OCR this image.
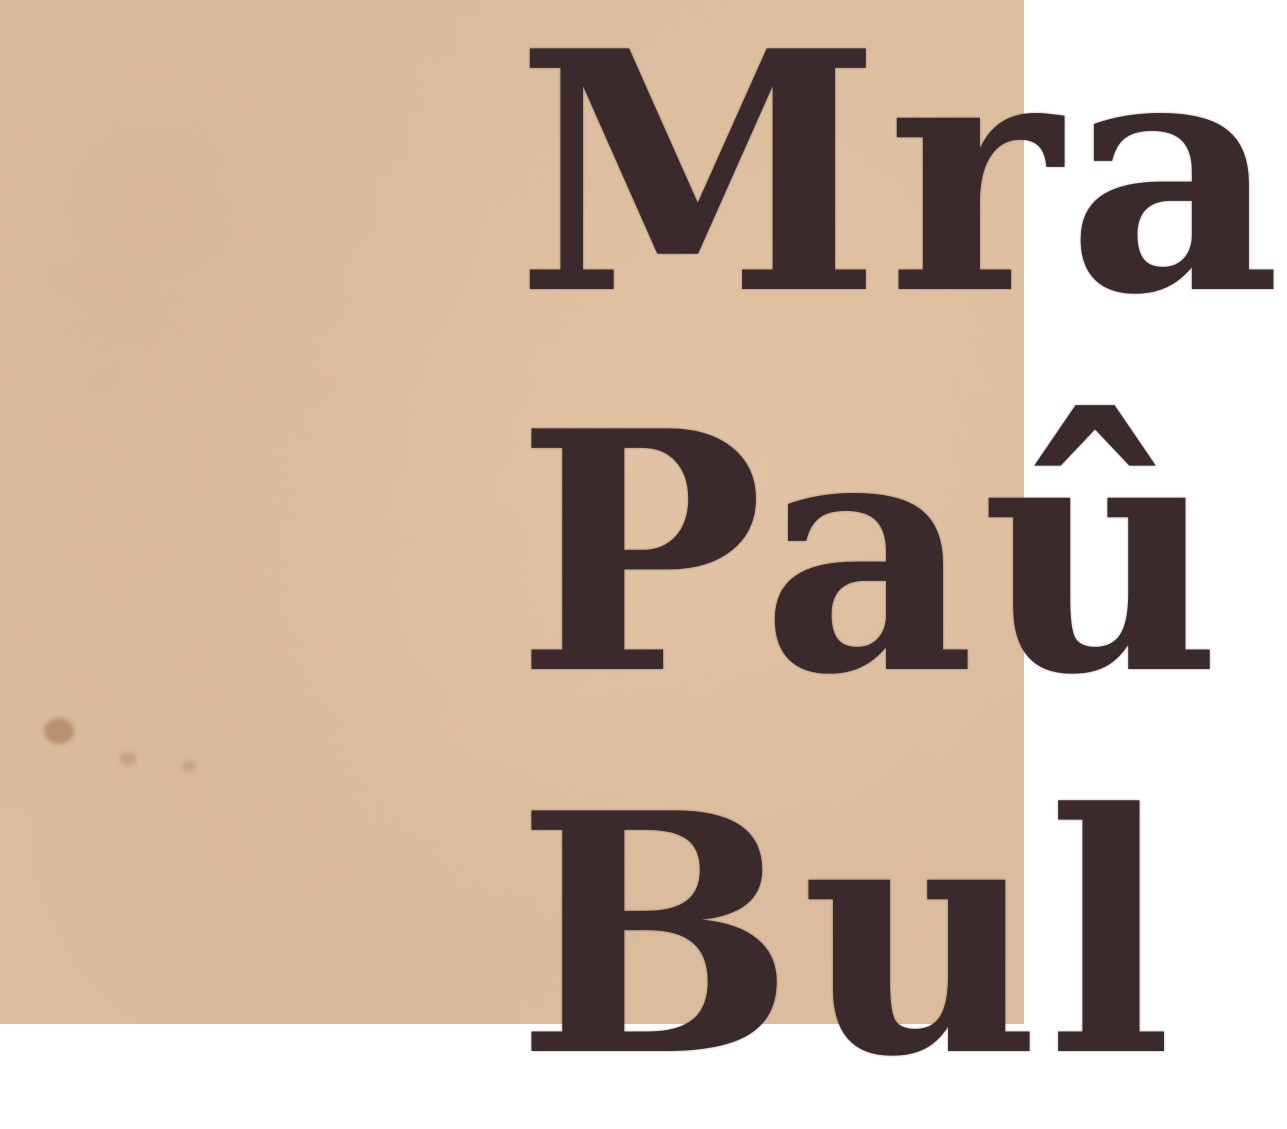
Mra

Paû

Bul
